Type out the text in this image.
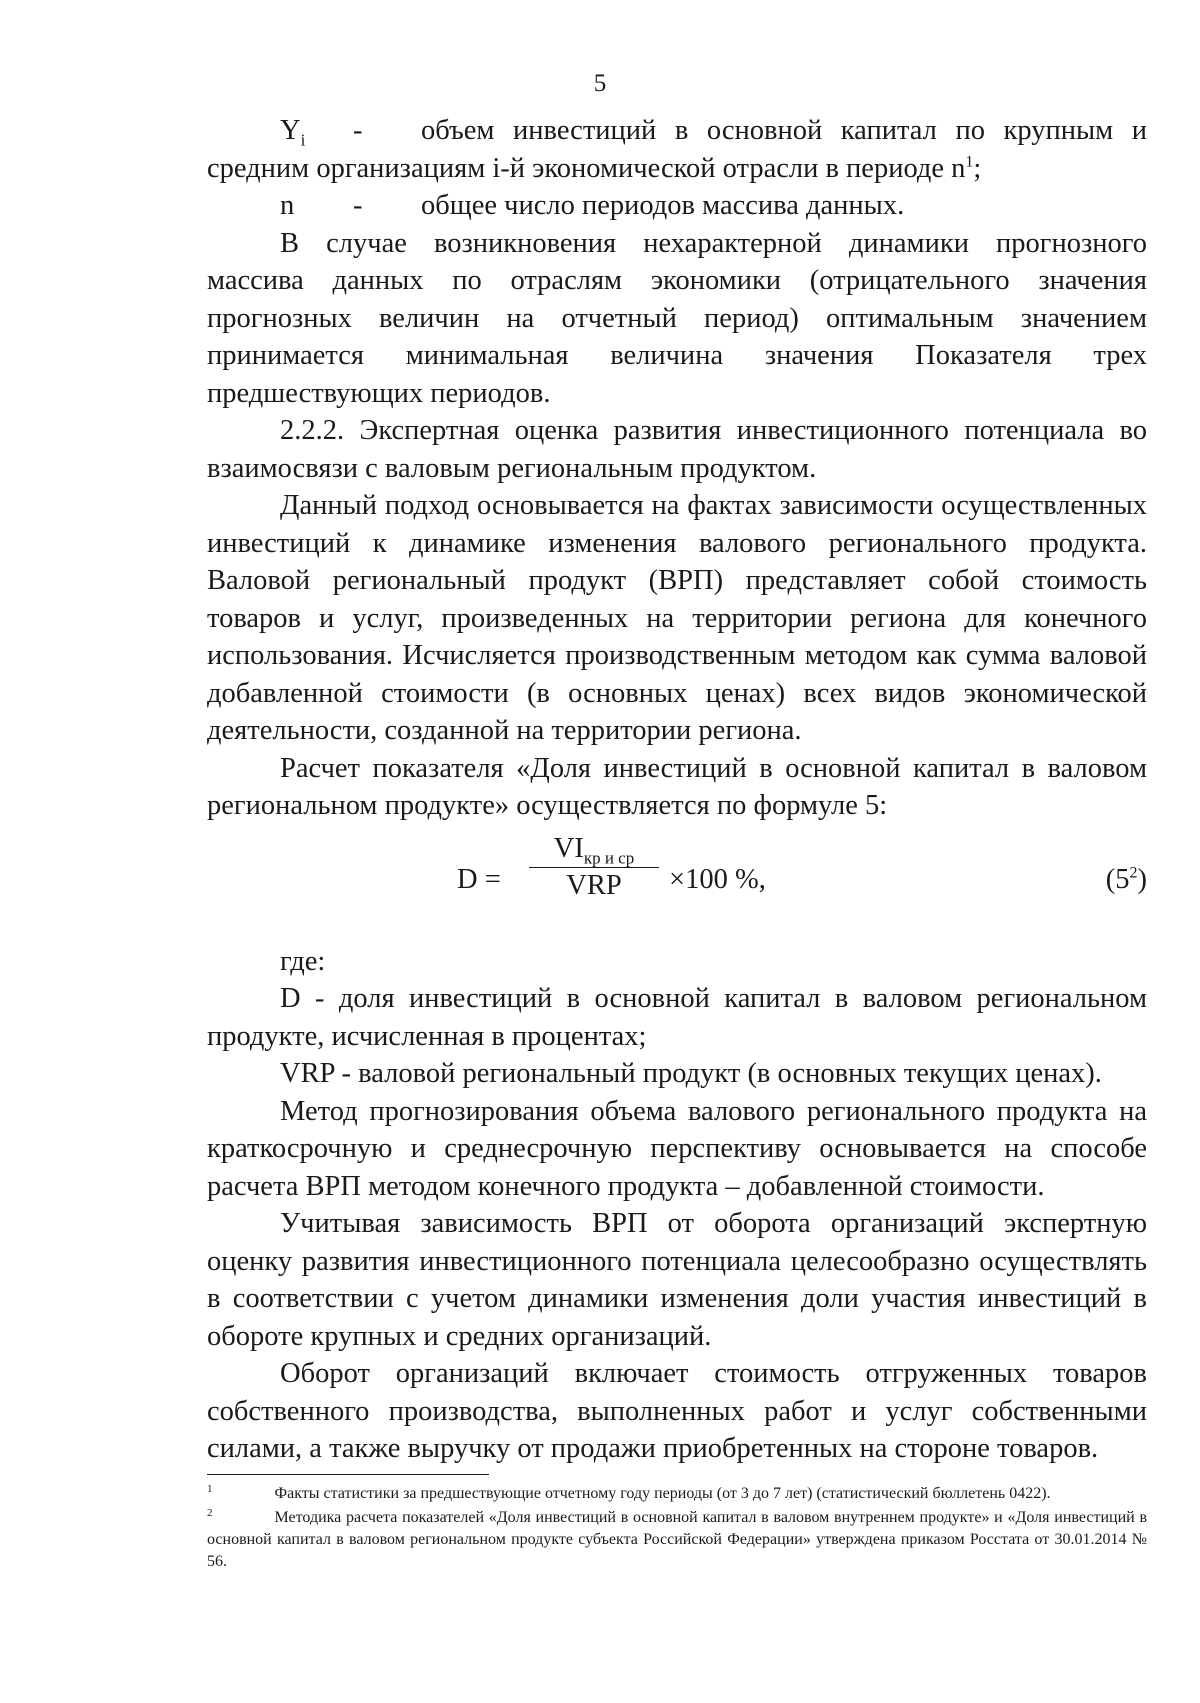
5

$Y_i$ - объем инвестиций в основной капитал по крупным и средним организациям i-й экономической отрасли в периоде $n^1$;

n - общее число периодов массива данных.

В случае возникновения нехарактерной динамики прогнозного массива данных по отраслям экономики (отрицательного значения прогнозных величин на отчетный период) оптимальным значением принимается минимальная величина значения Показателя трех предшествующих периодов.

2.2.2. Экспертная оценка развития инвестиционного потенциала во взаимосвязи с валовым региональным продуктом.

Данный подход основывается на фактах зависимости осуществленных инвестиций к динамике изменения валового регионального продукта. Валовой региональный продукт (ВРП) представляет собой стоимость товаров и услуг, произведенных на территории региона для конечного использования. Исчисляется производственным методом как сумма валовой добавленной стоимости (в основных ценах) всех видов экономической деятельности, созданной на территории региона.

Расчет показателя «Доля инвестиций в основной капитал в валовом региональном продукте» осуществляется по формуле 5:

D =
$VI_{кр и ср}$
VRP	×100 %,	$(5^2)$

где:

D - доля инвестиций в основной капитал в валовом региональном продукте, исчисленная в процентах;

VRP - валовой региональный продукт (в основных текущих ценах).

Метод прогнозирования объема валового регионального продукта на краткосрочную и среднесрочную перспективу основывается на способе расчета ВРП методом конечного продукта – добавленной стоимости.

Учитывая зависимость ВРП от оборота организаций экспертную оценку развития инвестиционного потенциала целесообразно осуществлять в соответствии с учетом динамики изменения доли участия инвестиций в обороте крупных и средних организаций.

Оборот организаций включает стоимость отгруженных товаров собственного производства, выполненных работ и услуг собственными силами, а также выручку от продажи приобретенных на стороне товаров.

$^1$	Факты статистики за предшествующие отчетному году периоды (от 3 до 7 лет) (статистический бюллетень 0422).

$^2$	Методика расчета показателей «Доля инвестиций в основной капитал в валовом внутреннем продукте» и «Доля инвестиций в основной капитал в валовом региональном продукте субъекта Российской Федерации» утверждена приказом Росстата от 30.01.2014 № 56.
